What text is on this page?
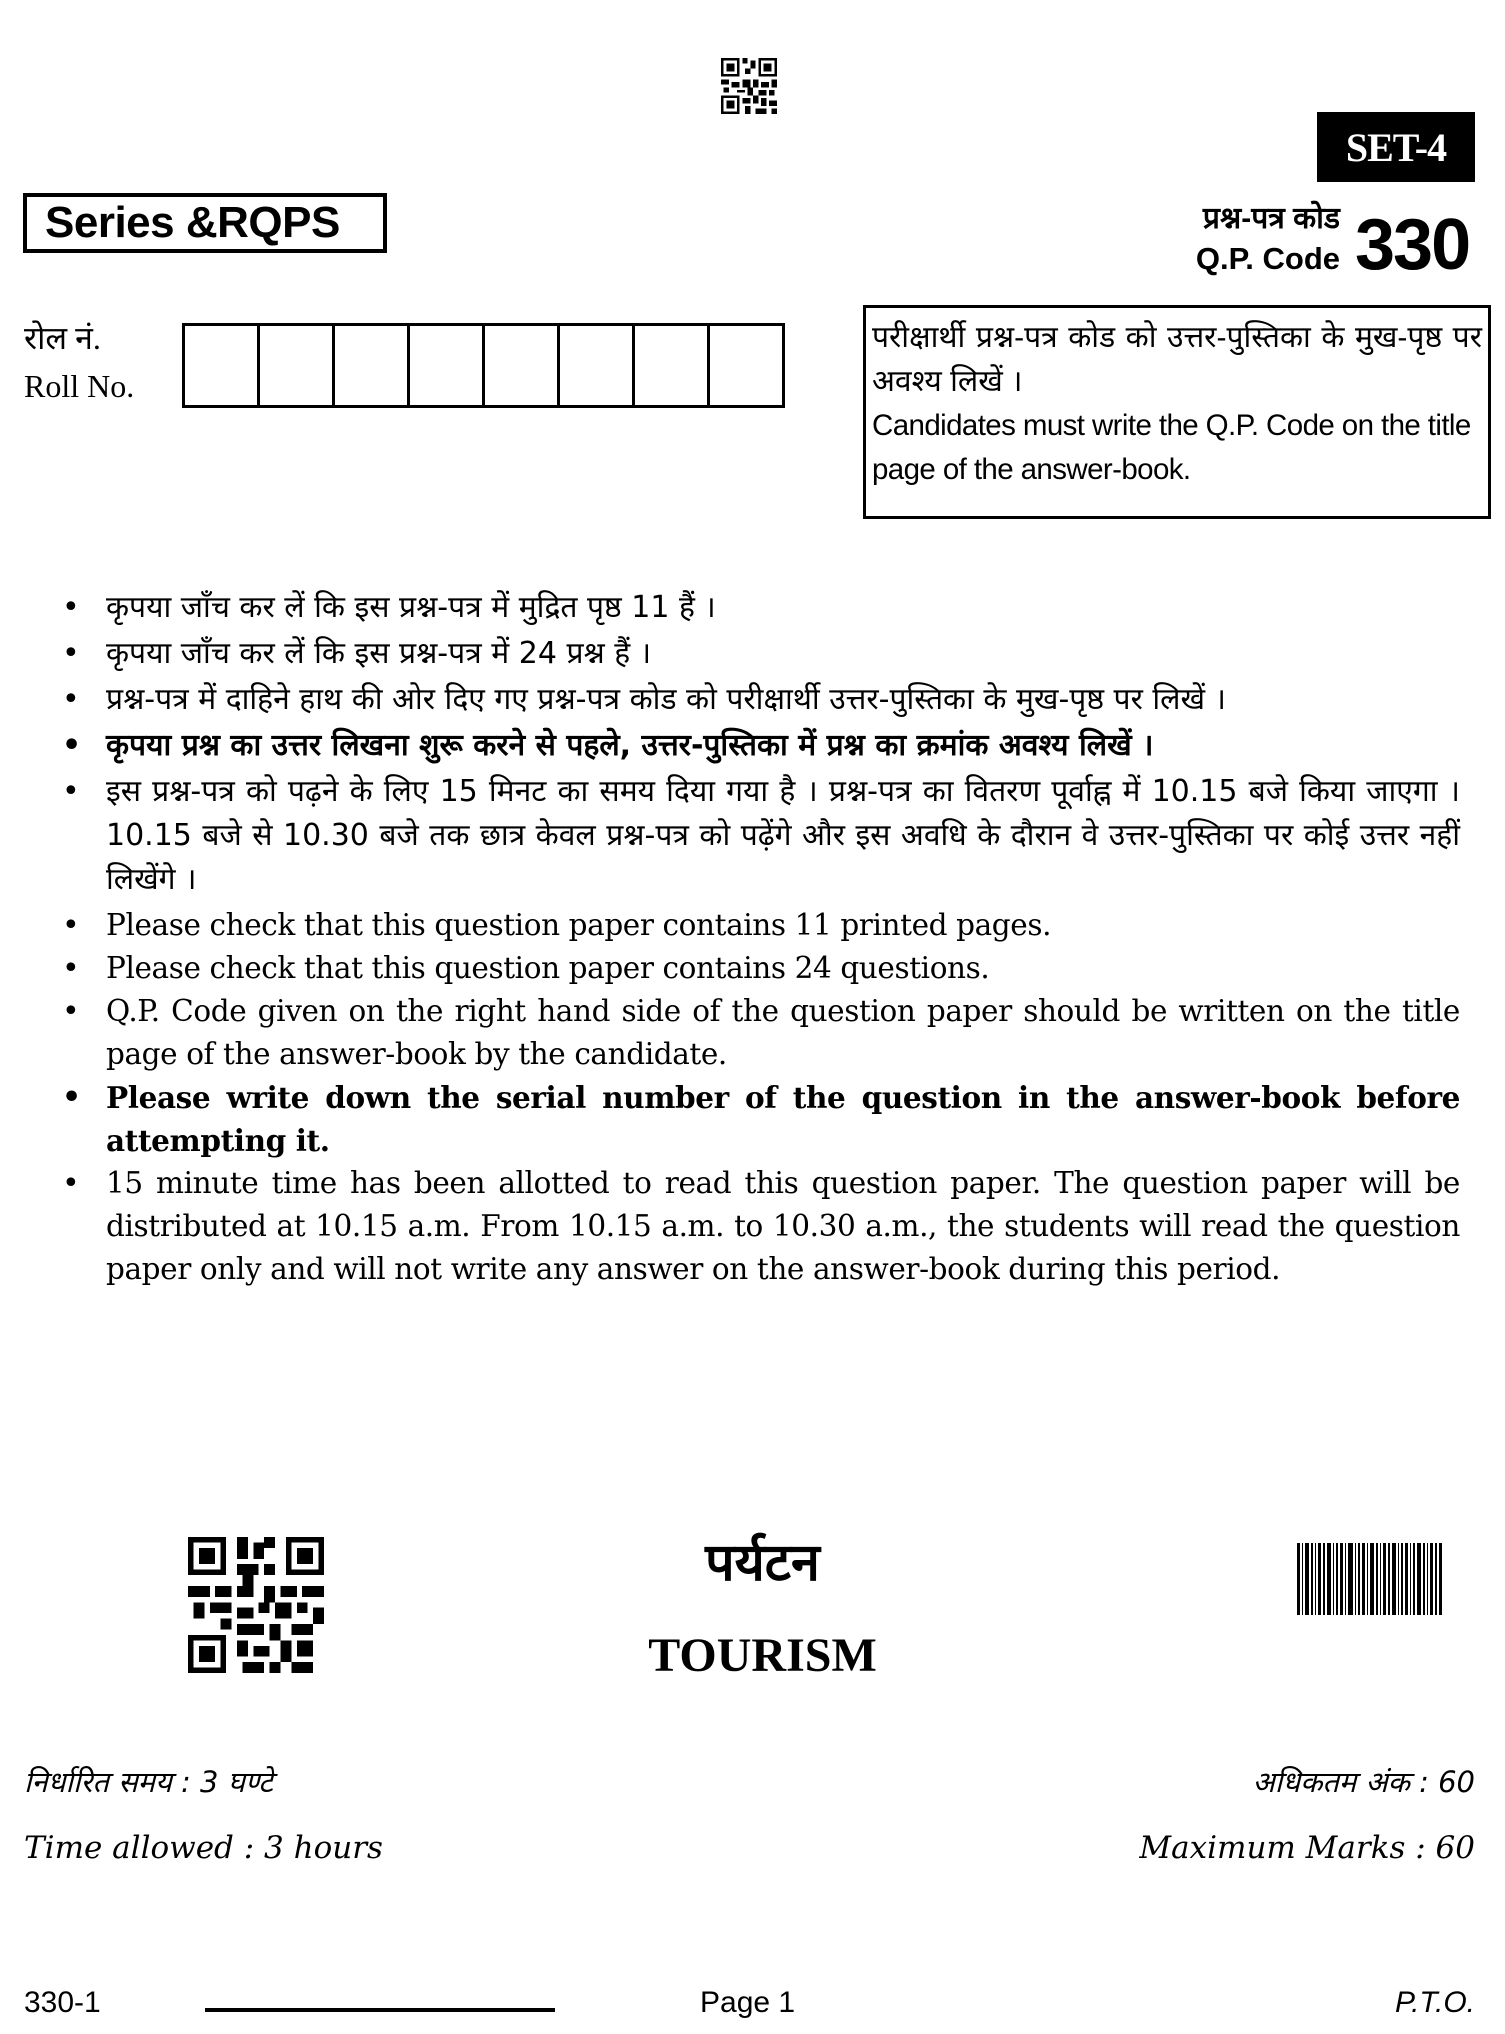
SET-4
Series &RQPS	प्रश्न-पत्र कोड
Q.P. Code 330
रोल नं.
Roll No.
परीक्षार्थी प्रश्न-पत्र कोड को उत्तर-पुस्तिका के मुख-पृष्ठ पर अवश्य लिखें ।
Candidates must write the Q.P. Code on the title page of the answer-book.
• कृपया जाँच कर लें कि इस प्रश्न-पत्र में मुद्रित पृष्ठ 11 हैं ।
• कृपया जाँच कर लें कि इस प्रश्न-पत्र में 24 प्रश्न हैं ।
• प्रश्न-पत्र में दाहिने हाथ की ओर दिए गए प्रश्न-पत्र कोड को परीक्षार्थी उत्तर-पुस्तिका के मुख-पृष्ठ पर लिखें ।
• कृपया प्रश्न का उत्तर लिखना शुरू करने से पहले, उत्तर-पुस्तिका में प्रश्न का क्रमांक अवश्य लिखें ।
• इस प्रश्न-पत्र को पढ़ने के लिए 15 मिनट का समय दिया गया है । प्रश्न-पत्र का वितरण पूर्वाह्न में 10.15 बजे किया जाएगा । 10.15 बजे से 10.30 बजे तक छात्र केवल प्रश्न-पत्र को पढ़ेंगे और इस अवधि के दौरान वे उत्तर-पुस्तिका पर कोई उत्तर नहीं लिखेंगे ।
• Please check that this question paper contains 11 printed pages.
• Please check that this question paper contains 24 questions.
• Q.P. Code given on the right hand side of the question paper should be written on the title page of the answer-book by the candidate.
• Please write down the serial number of the question in the answer-book before attempting it.
• 15 minute time has been allotted to read this question paper. The question paper will be distributed at 10.15 a.m. From 10.15 a.m. to 10.30 a.m., the students will read the question paper only and will not write any answer on the answer-book during this period.
पर्यटन
TOURISM
निर्धारित समय : 3 घण्टे
Time allowed : 3 hours
अधिकतम अंक : 60
Maximum Marks : 60
330-1	Page 1	P.T.O.
